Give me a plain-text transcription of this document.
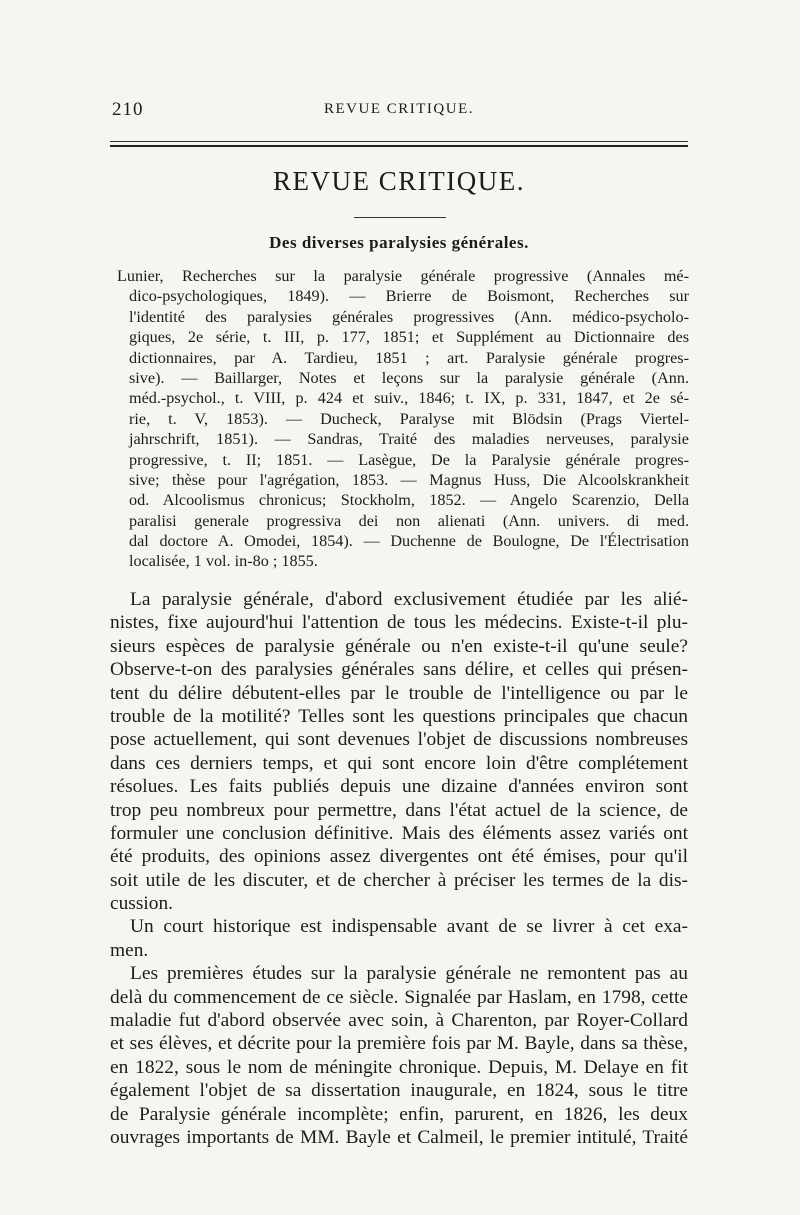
210	REVUE CRITIQUE.
REVUE CRITIQUE.
Des diverses paralysies générales.
Lunier, Recherches sur la paralysie générale progressive (Annales mé-
dico-psychologiques, 1849). — Brierre de Boismont, Recherches sur
l'identité des paralysies générales progressives (Ann. médico-psycholo-
giques, 2e série, t. III, p. 177, 1851; et Supplément au Dictionnaire des
dictionnaires, par A. Tardieu, 1851 ; art. Paralysie générale progres-
sive). — Baillarger, Notes et leçons sur la paralysie générale (Ann.
méd.-psychol., t. VIII, p. 424 et suiv., 1846; t. IX, p. 331, 1847, et 2e sé-
rie, t. V, 1853). — Ducheck, Paralyse mit Blödsin (Prags Viertel-
jahrschrift, 1851). — Sandras, Traité des maladies nerveuses, paralysie
progressive, t. II; 1851. — Lasègue, De la Paralysie générale progres-
sive; thèse pour l'agrégation, 1853. — Magnus Huss, Die Alcoolskrankheit
od. Alcoolismus chronicus; Stockholm, 1852. — Angelo Scarenzio, Della
paralisi generale progressiva dei non alienati (Ann. univers. di med.
dal doctore A. Omodei, 1854). — Duchenne de Boulogne, De l'Électrisation
localisée, 1 vol. in-8o ; 1855.
La paralysie générale, d'abord exclusivement étudiée par les alié-
nistes, fixe aujourd'hui l'attention de tous les médecins. Existe-t-il plu-
sieurs espèces de paralysie générale ou n'en existe-t-il qu'une seule?
Observe-t-on des paralysies générales sans délire, et celles qui présen-
tent du délire débutent-elles par le trouble de l'intelligence ou par le
trouble de la motilité? Telles sont les questions principales que chacun
pose actuellement, qui sont devenues l'objet de discussions nombreuses
dans ces derniers temps, et qui sont encore loin d'être complétement
résolues. Les faits publiés depuis une dizaine d'années environ sont
trop peu nombreux pour permettre, dans l'état actuel de la science, de
formuler une conclusion définitive. Mais des éléments assez variés ont
été produits, des opinions assez divergentes ont été émises, pour qu'il
soit utile de les discuter, et de chercher à préciser les termes de la dis-
cussion.
Un court historique est indispensable avant de se livrer à cet exa-
men.
Les premières études sur la paralysie générale ne remontent pas au
delà du commencement de ce siècle. Signalée par Haslam, en 1798, cette
maladie fut d'abord observée avec soin, à Charenton, par Royer-Collard
et ses élèves, et décrite pour la première fois par M. Bayle, dans sa thèse,
en 1822, sous le nom de méningite chronique. Depuis, M. Delaye en fit
également l'objet de sa dissertation inaugurale, en 1824, sous le titre
de Paralysie générale incomplète; enfin, parurent, en 1826, les deux
ouvrages importants de MM. Bayle et Calmeil, le premier intitulé, Traité
